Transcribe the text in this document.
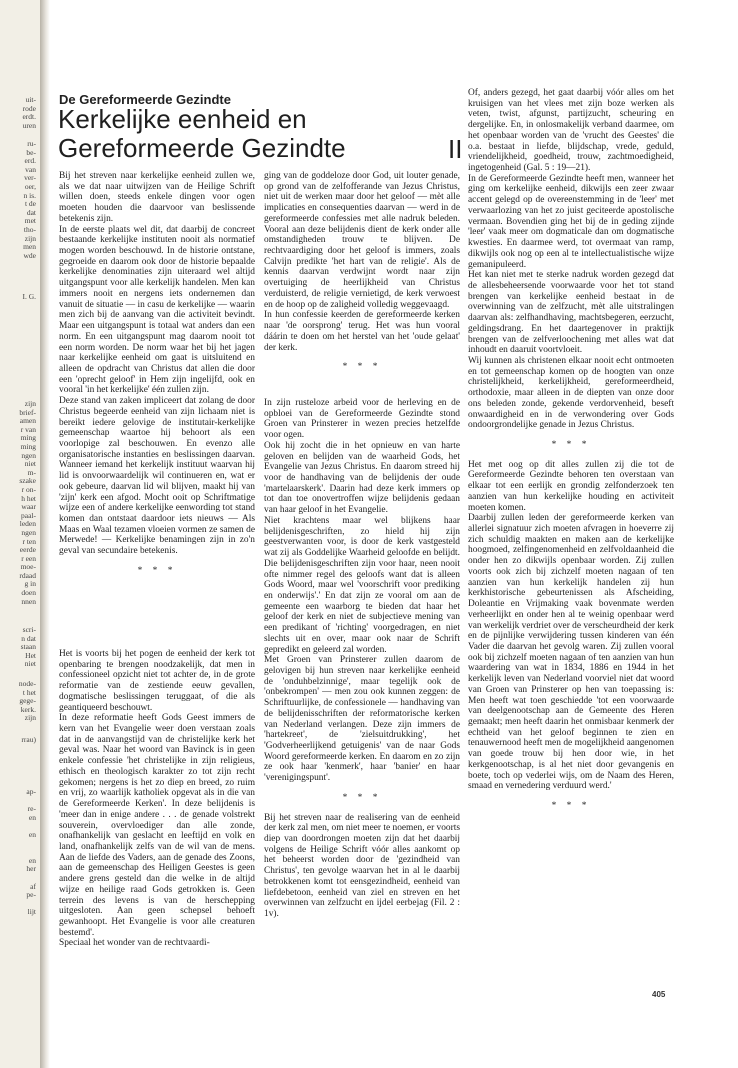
uit-
rode
erdt.
uren
ru-
be-
erd.
van
ver-
oer,
n is.
t de
dat
met
tho-
zijn
men
wde
I. G.
zijn
brief-
amen
r van
ming
ming
ngen
niet
m-
szake
r on-
h het
waar
paal-
leden
ngen
r ten
eerde
r een
moe-
rdaad
g in
doen
nnen
scri-
n dat
staan
Het
niet
node-
t het
gege-
kerk.
zijn
rrau)
ap-

re-
en

en

en
her

af
pe-

lijt
De Gereformeerde Gezindte
Kerkelijke eenheid en
Gereformeerde Gezindte	II

Bij het streven naar kerkelijke eenheid zullen we, als we dat naar uitwijzen van de Heilige Schrift willen doen, steeds enkele dingen voor ogen moeten houden die daarvoor van beslissende betekenis zijn.

In de eerste plaats wel dit, dat daarbij de concreet bestaande kerkelijke instituten nooit als normatief mogen worden beschouwd. In de historie ontstane, gegroeide en daarom ook door de historie bepaalde kerkelijke denominaties zijn uiteraard wel altijd uitgangspunt voor alle kerkelijk handelen. Men kan immers nooit en nergens iets ondernemen dan vanuit de situatie — in casu de kerkelijke — waarin men zich bij de aanvang van die activiteit bevindt. Maar een uitgangspunt is totaal wat anders dan een norm. En een uitgangspunt mag daarom nooit tot een norm worden. De norm waar het bij het jagen naar kerkelijke eenheid om gaat is uitsluitend en alleen de opdracht van Christus dat allen die door een 'oprecht geloof' in Hem zijn ingelijfd, ook en vooral 'in het kerkelijke' één zullen zijn.

Deze stand van zaken impliceert dat zolang de door Christus begeerde eenheid van zijn lichaam niet is bereikt iedere gelovige de institutair-kerkelijke gemeenschap waartoe hij behoort als een voorlopige zal beschouwen. En evenzo alle organisatorische instanties en beslissingen daarvan. Wanneer iemand het kerkelijk instituut waarvan hij lid is onvoorwaardelijk wil continueren en, wat er ook gebeure, daarvan lid wil blijven, maakt hij van 'zijn' kerk een afgod. Mocht ooit op Schriftmatige wijze een of andere kerkelijke eenwording tot stand komen dan ontstaat daardoor iets nieuws — Als Maas en Waal tezamen vloeien vormen ze samen de Merwede! — Kerkelijke benamingen zijn in zo'n geval van secundaire betekenis.

* * *

Het is voorts bij het pogen de eenheid der kerk tot openbaring te brengen noodzakelijk, dat men in confessioneel opzicht niet tot achter de, in de grote reformatie van de zestiende eeuw gevallen, dogmatische beslissingen teruggaat, of die als geantiqueerd beschouwt.

In deze reformatie heeft Gods Geest immers de kern van het Evangelie weer doen verstaan zoals dat in de aanvangstijd van de christelijke kerk het geval was. Naar het woord van Bavinck is in geen enkele confessie 'het christelijke in zijn religieus, ethisch en theologisch karakter zo tot zijn recht gekomen; nergens is het zo diep en breed, zo ruim en vrij, zo waarlijk katholiek opgevat als in die van de Gereformeerde Kerken'. In deze belijdenis is 'meer dan in enige andere . . . de genade volstrekt souverein, overvloediger dan alle zonde, onafhankelijk van geslacht en leeftijd en volk en land, onafhankelijk zelfs van de wil van de mens. Aan de liefde des Vaders, aan de genade des Zoons, aan de gemeenschap des Heiligen Geestes is geen andere grens gesteld dan die welke in de altijd wijze en heilige raad Gods getrokken is. Geen terrein des levens is van de herschepping uitgesloten. Aan geen schepsel behoeft gewanhoopt. Het Evangelie is voor alle creaturen bestemd'.

Speciaal het wonder van de rechtvaardi-

ging van de goddeloze door God, uit louter genade, op grond van de zelfofferande van Jezus Christus, niet uit de werken maar door het geloof — mèt alle implicaties en consequenties daarvan — werd in de gereformeerde confessies met alle nadruk beleden. Vooral aan deze belijdenis dient de kerk onder alle omstandigheden trouw te blijven. De rechtvaardiging door het geloof is immers, zoals Calvijn predikte 'het hart van de religie'. Als de kennis daarvan verdwijnt wordt naar zijn overtuiging de heerlijkheid van Christus verduisterd, de religie vernietigd, de kerk verwoest en de hoop op de zaligheid volledig weggevaagd.

In hun confessie keerden de gereformeerde kerken naar 'de oorsprong' terug. Het was hun vooral dáárin te doen om het herstel van het 'oude gelaat' der kerk.

* * *

In zijn rusteloze arbeid voor de herleving en de opbloei van de Gereformeerde Gezindte stond Groen van Prinsterer in wezen precies hetzelfde voor ogen.

Ook hij zocht die in het opnieuw en van harte geloven en belijden van de waarheid Gods, het Evangelie van Jezus Christus. En daarom streed hij voor de handhaving van de belijdenis der oude 'martelaarskerk'. Daarin had deze kerk immers op tot dan toe onovertroffen wijze belijdenis gedaan van haar geloof in het Evangelie.

Niet krachtens maar wel blijkens haar belijdenisgeschriften, zo hield hij zijn geestverwanten voor, is door de kerk vastgesteld wat zij als Goddelijke Waarheid geloofde en belijdt. Die belijdenisgeschriften zijn voor haar, neen nooit ofte nimmer regel des geloofs want dat is alleen Gods Woord, maar wel 'voorschrift voor prediking en onderwijs'.' En dat zijn ze vooral om aan de gemeente een waarborg te bieden dat haar het geloof der kerk en niet de subjectieve mening van een predikant of 'richting' voorgedragen, en niet slechts uit en over, maar ook naar de Schrift gepredikt en geleerd zal worden.

Met Groen van Prinsterer zullen daarom de gelovigen bij hun streven naar kerkelijke eenheid de 'onduhbelzinnige', maar tegelijk ook de 'onbekrompen' — men zou ook kunnen zeggen: de Schriftuurlijke, de confessionele — handhaving van de belijdenisschriften der reformatorische kerken van Nederland verlangen. Deze zijn immers de 'hartekreet', de 'zielsuitdrukking', het 'Godverheerlijkend getuigenis' van de naar Gods Woord gereformeerde kerken. En daarom en zo zijn ze ook haar 'kenmerk', haar 'banier' en haar 'verenigingspunt'.

* * *

Bij het streven naar de realisering van de eenheid der kerk zal men, om niet meer te noemen, er voorts diep van doordrongen moeten zijn dat het daarbij volgens de Heilige Schrift vóór alles aankomt op het beheerst worden door de 'gezindheid van Christus', ten gevolge waarvan het in al le daarbij betrokkenen komt tot eensgezindheid, eenheid van liefdebetoon, eenheid van ziel en streven en het overwinnen van zelfzucht en ijdel eerbejag (Fil. 2 : 1v).

Of, anders gezegd, het gaat daarbij vóór alles om het kruisigen van het vlees met zijn boze werken als veten, twist, afgunst, partijzucht, scheuring en dergelijke. En, in onlosmakelijk verband daarmee, om het openbaar worden van de 'vrucht des Geestes' die o.a. bestaat in liefde, blijdschap, vrede, geduld, vriendelijkheid, goedheid, trouw, zachtmoedigheid, ingetogenheid (Gal. 5 : 19—21).

In de Gereformeerde Gezindte heeft men, wanneer het ging om kerkelijke eenheid, dikwijls een zeer zwaar accent gelegd op de overeenstemming in de 'leer' met verwaarlozing van het zo juist geciteerde apostolische vermaan. Bovendien ging het bij de in geding zijnde 'leer' vaak meer om dogmaticale dan om dogmatische kwesties. En daarmee werd, tot overmaat van ramp, dikwijls ook nog op een al te intellectualistische wijze gemanipuleerd.

Het kan niet met te sterke nadruk worden gezegd dat de allesbeheersende voorwaarde voor het tot stand brengen van kerkelijke eenheid bestaat in de overwinning van de zelfzucht, mèt alle uitstralingen daarvan als: zelfhandhaving, machtsbegeren, eerzucht, geldingsdrang. En het daartegenover in praktijk brengen van de zelfverloochening met alles wat dat inhoudt en daaruit voortvloeit.

Wij kunnen als christenen elkaar nooit echt ontmoeten en tot gemeenschap komen op de hoogten van onze christelijkheid, kerkelijkheid, gereformeerdheid, orthodoxie, maar alleen in de diepten van onze door ons beleden zonde, gekende verdorvenheid, beseft onwaardigheid en in de verwondering over Gods ondoorgrondelijke genade in Jezus Christus.

* * *

Het met oog op dit alles zullen zij die tot de Gereformeerde Gezindte behoren ten overstaan van elkaar tot een eerlijk en grondig zelfonderzoek ten aanzien van hun kerkelijke houding en activiteit moeten komen.

Daarbij zullen leden der gereformeerde kerken van allerlei signatuur zich moeten afvragen in hoeverre zij zich schuldig maakten en maken aan de kerkelijke hoogmoed, zelfingenomenheid en zelfvoldaanheid die onder hen zo dikwijls openbaar worden. Zij zullen voorts ook zich bij zichzelf moeten nagaan of ten aanzien van hun kerkelijk handelen zij hun kerkhistorische gebeurtenissen als Afscheiding, Doleantie en Vrijmaking vaak bovenmate werden verheerlijkt en onder hen al te weinig openbaar werd van werkelijk verdriet over de verscheurdheid der kerk en de pijnlijke verwijdering tussen kinderen van één Vader die daarvan het gevolg waren. Zij zullen vooral ook bij zichzelf moeten nagaan of ten aanzien van hun waardering van wat in 1834, 1886 en 1944 in het kerkelijk leven van Nederland voorviel niet dat woord van Groen van Prinsterer op hen van toepassing is: Men heeft wat toen geschiedde 'tot een voorwaarde van deelgenootschap aan de Gemeente des Heren gemaakt; men heeft daarin het onmisbaar kenmerk der echtheid van het geloof beginnen te zien en tenauwernood heeft men de mogelijkheid aangenomen van goede trouw bij hen door wie, in het kerkgenootschap, is al het niet door gevangenis en boete, toch op vederlei wijs, om de Naam des Heren, smaad en vernedering verduurd werd.'

* * *
405
